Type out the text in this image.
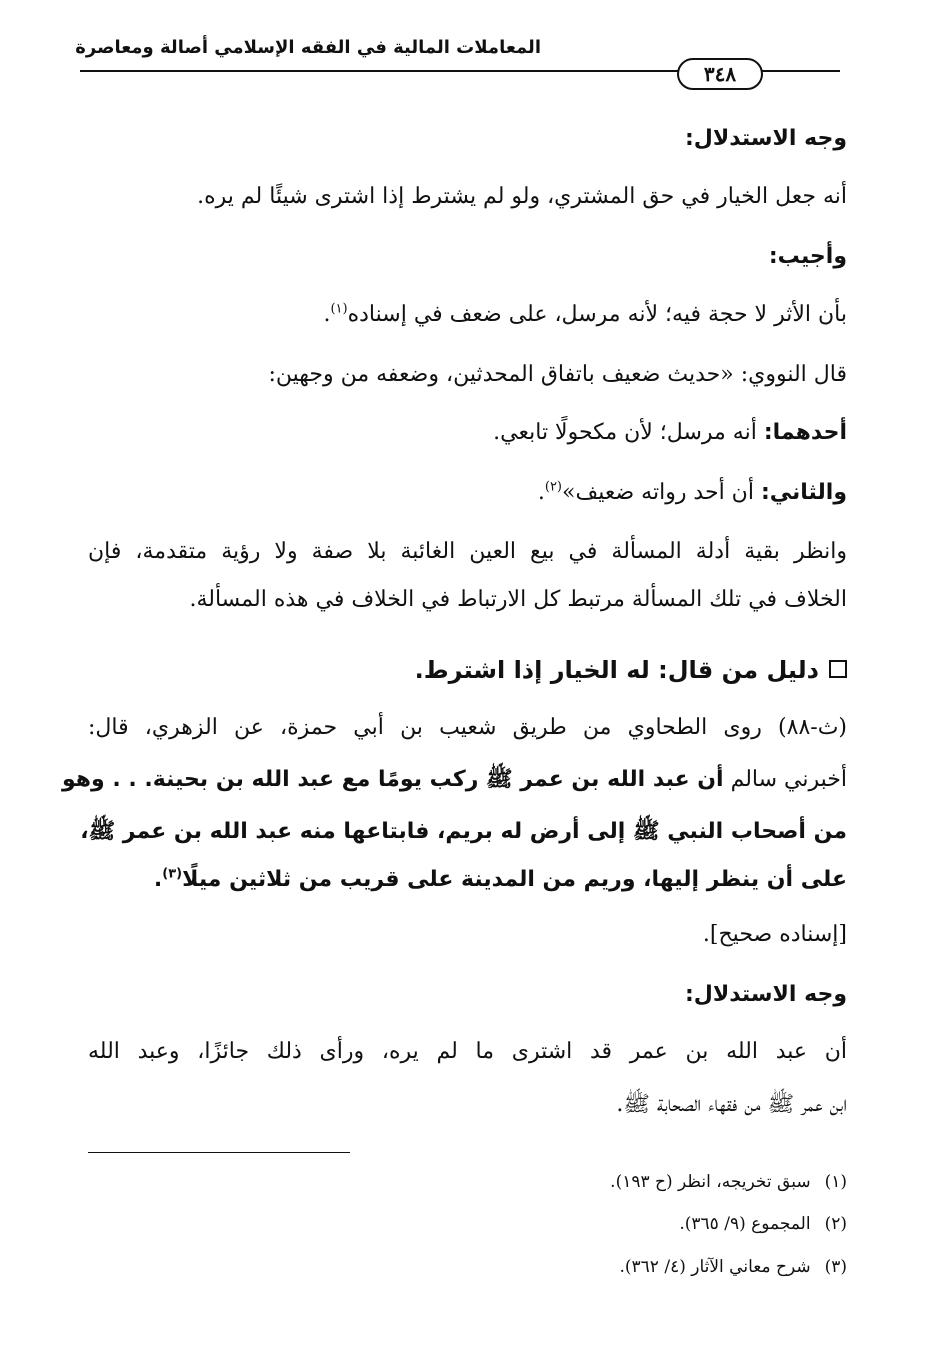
المعاملات المالية في الفقه الإسلامي أصالة ومعاصرة
٣٤٨
وجه الاستدلال:
أنه جعل الخيار في حق المشتري، ولو لم يشترط إذا اشترى شيئًا لم يره.
وأجيب:
بأن الأثر لا حجة فيه؛ لأنه مرسل، على ضعف في إسناده$^{(١)}$.
قال النووي: «حديث ضعيف باتفاق المحدثين، وضعفه من وجهين:
أحدهما: أنه مرسل؛ لأن مكحولًا تابعي.
والثاني: أن أحد رواته ضعيف»$^{(٢)}$.
وانظر بقية أدلة المسألة في بيع العين الغائبة بلا صفة ولا رؤية متقدمة، فإن
الخلاف في تلك المسألة مرتبط كل الارتباط في الخلاف في هذه المسألة.
دليل من قال: له الخيار إذا اشترط.
(ث-٨٨) روى الطحاوي من طريق شعيب بن أبي حمزة، عن الزهري، قال:
أخبرني سالم أن عبد الله بن عمر ﷺ ركب يومًا مع عبد الله بن بحينة. . . وهو
من أصحاب النبي ﷺ إلى أرض له بريم، فابتاعها منه عبد الله بن عمر ﷺ،
على أن ينظر إليها، وريم من المدينة على قريب من ثلاثين ميلًا$^{(٣)}$.
[إسناده صحيح].
وجه الاستدلال:
أن عبد الله بن عمر قد اشترى ما لم يره، ورأى ذلك جائزًا، وعبد الله
ابن عمر ﷺ من فقهاء الصحابة ﷺ.
(١)سبق تخريجه، انظر (ح ١٩٣).
(٢)المجموع (٩/ ٣٦٥).
(٣)شرح معاني الآثار (٤/ ٣٦٢).
